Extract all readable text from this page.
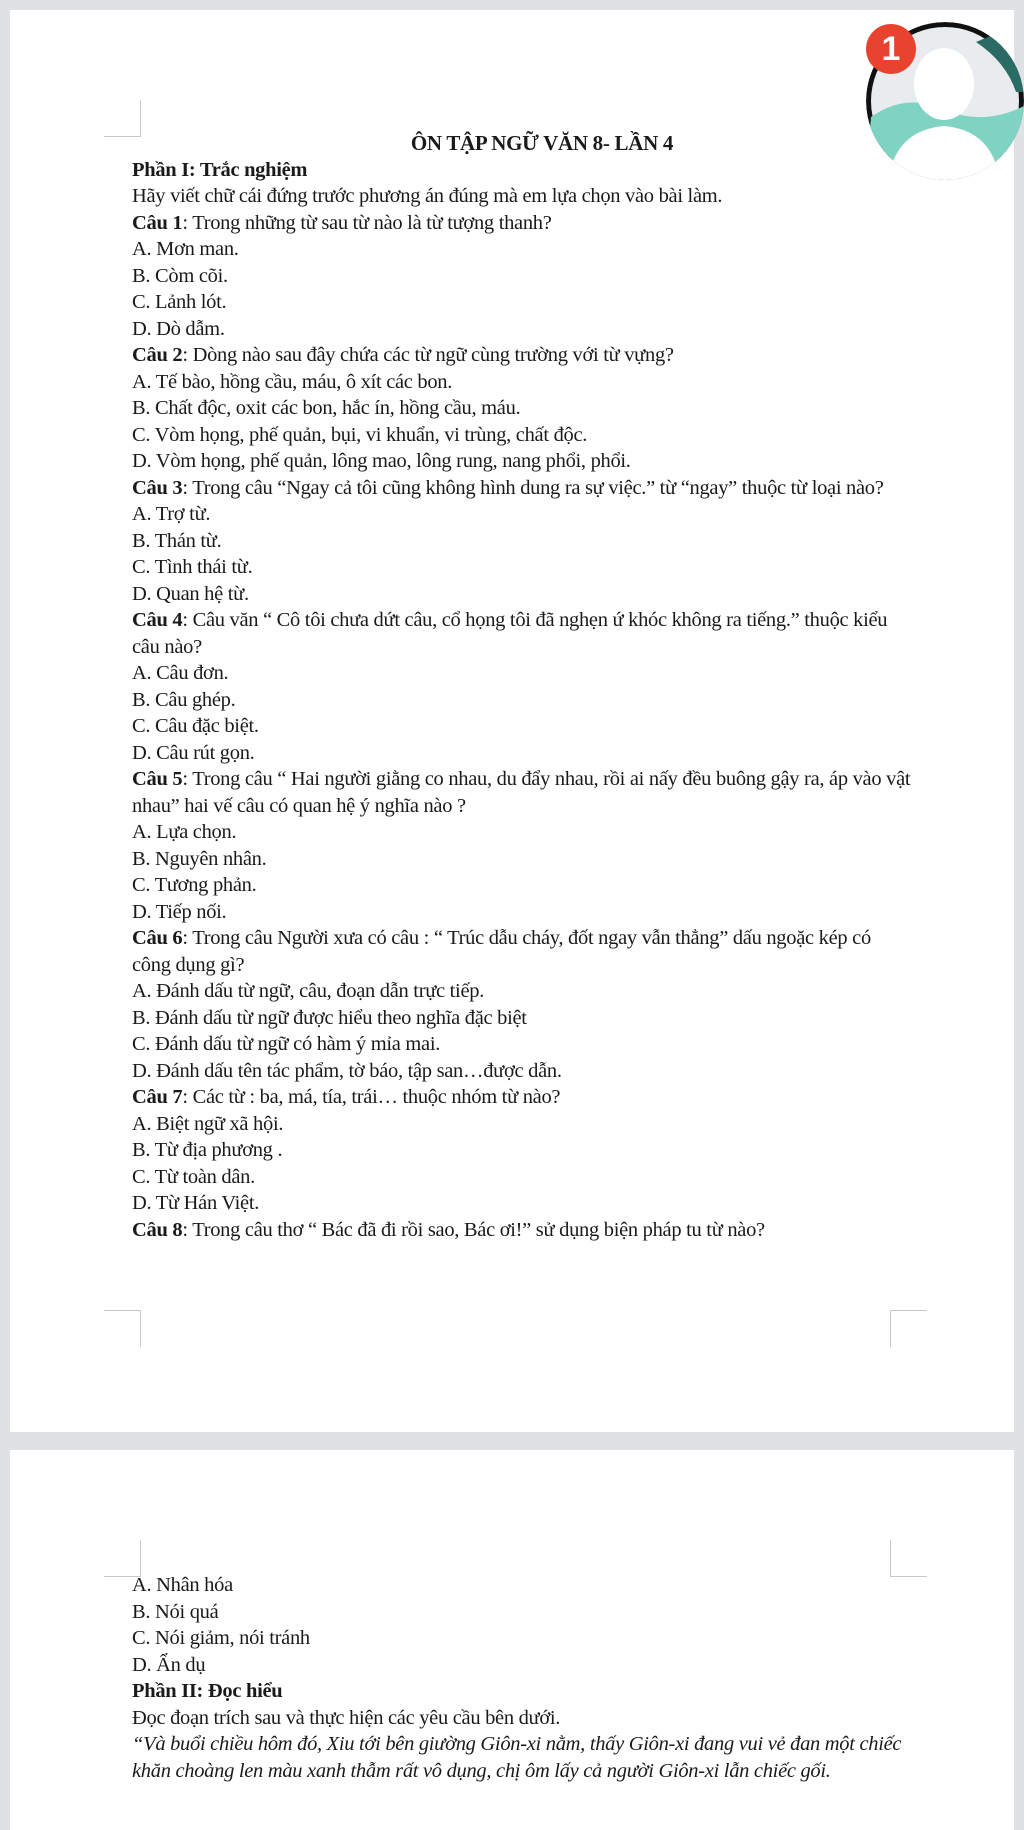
ÔN TẬP NGỮ VĂN 8- LẦN 4
Phần I: Trắc nghiệm
Hãy viết chữ cái đứng trước phương án đúng mà em lựa chọn vào bài làm.
Câu 1: Trong những từ sau từ nào là từ tượng thanh?
A. Mơn man.
B. Còm cõi.
C. Lảnh lót.
D. Dò dẫm.
Câu 2: Dòng nào sau đây chứa các từ ngữ cùng trường với từ vựng?
A. Tế bào, hồng cầu, máu, ô xít các bon.
B. Chất độc, oxit các bon, hắc ín, hồng cầu, máu.
C. Vòm họng, phế quản, bụi, vi khuẩn, vi trùng, chất độc.
D. Vòm họng, phế quản, lông mao, lông rung, nang phổi, phổi.
Câu 3: Trong câu “Ngay cả tôi cũng không hình dung ra sự việc.” từ “ngay” thuộc từ loại nào?
A. Trợ từ.
B. Thán từ.
C. Tình thái từ.
D. Quan hệ từ.
Câu 4: Câu văn “ Cô tôi chưa dứt câu, cổ họng tôi đã nghẹn ứ khóc không ra tiếng.” thuộc kiểu câu nào?
A. Câu đơn.
B. Câu ghép.
C. Câu đặc biệt.
D. Câu rút gọn.
Câu 5: Trong câu “ Hai người giằng co nhau, du đẩy nhau, rồi ai nấy đều buông gậy ra, áp vào vật nhau” hai vế câu có quan hệ ý nghĩa nào ?
A. Lựa chọn.
B. Nguyên nhân.
C. Tương phản.
D. Tiếp nối.
Câu 6: Trong câu Người xưa có câu : “ Trúc dẫu cháy, đốt ngay vẫn thẳng” dấu ngoặc kép có công dụng gì?
A. Đánh dấu từ ngữ, câu, đoạn dẫn trực tiếp.
B. Đánh dấu từ ngữ được hiểu theo nghĩa đặc biệt
C. Đánh dấu từ ngữ có hàm ý mỉa mai.
D. Đánh dấu tên tác phẩm, tờ báo, tập san…được dẫn.
Câu 7: Các từ : ba, má, tía, trái… thuộc nhóm từ nào?
A. Biệt ngữ xã hội.
B. Từ địa phương .
C. Từ toàn dân.
D. Từ Hán Việt.
Câu 8: Trong câu thơ “ Bác đã đi rồi sao, Bác ơi!” sử dụng biện pháp tu từ nào?
A. Nhân hóa
B. Nói quá
C. Nói giảm, nói tránh
D. Ẩn dụ
Phần II: Đọc hiểu
Đọc đoạn trích sau và thực hiện các yêu cầu bên dưới.
“Và buổi chiều hôm đó, Xiu tới bên giường Giôn-xi nằm, thấy Giôn-xi đang vui vẻ đan một chiếc khăn choàng len màu xanh thẫm rất vô dụng, chị ôm lấy cả người Giôn-xi lẫn chiếc gối.
1
